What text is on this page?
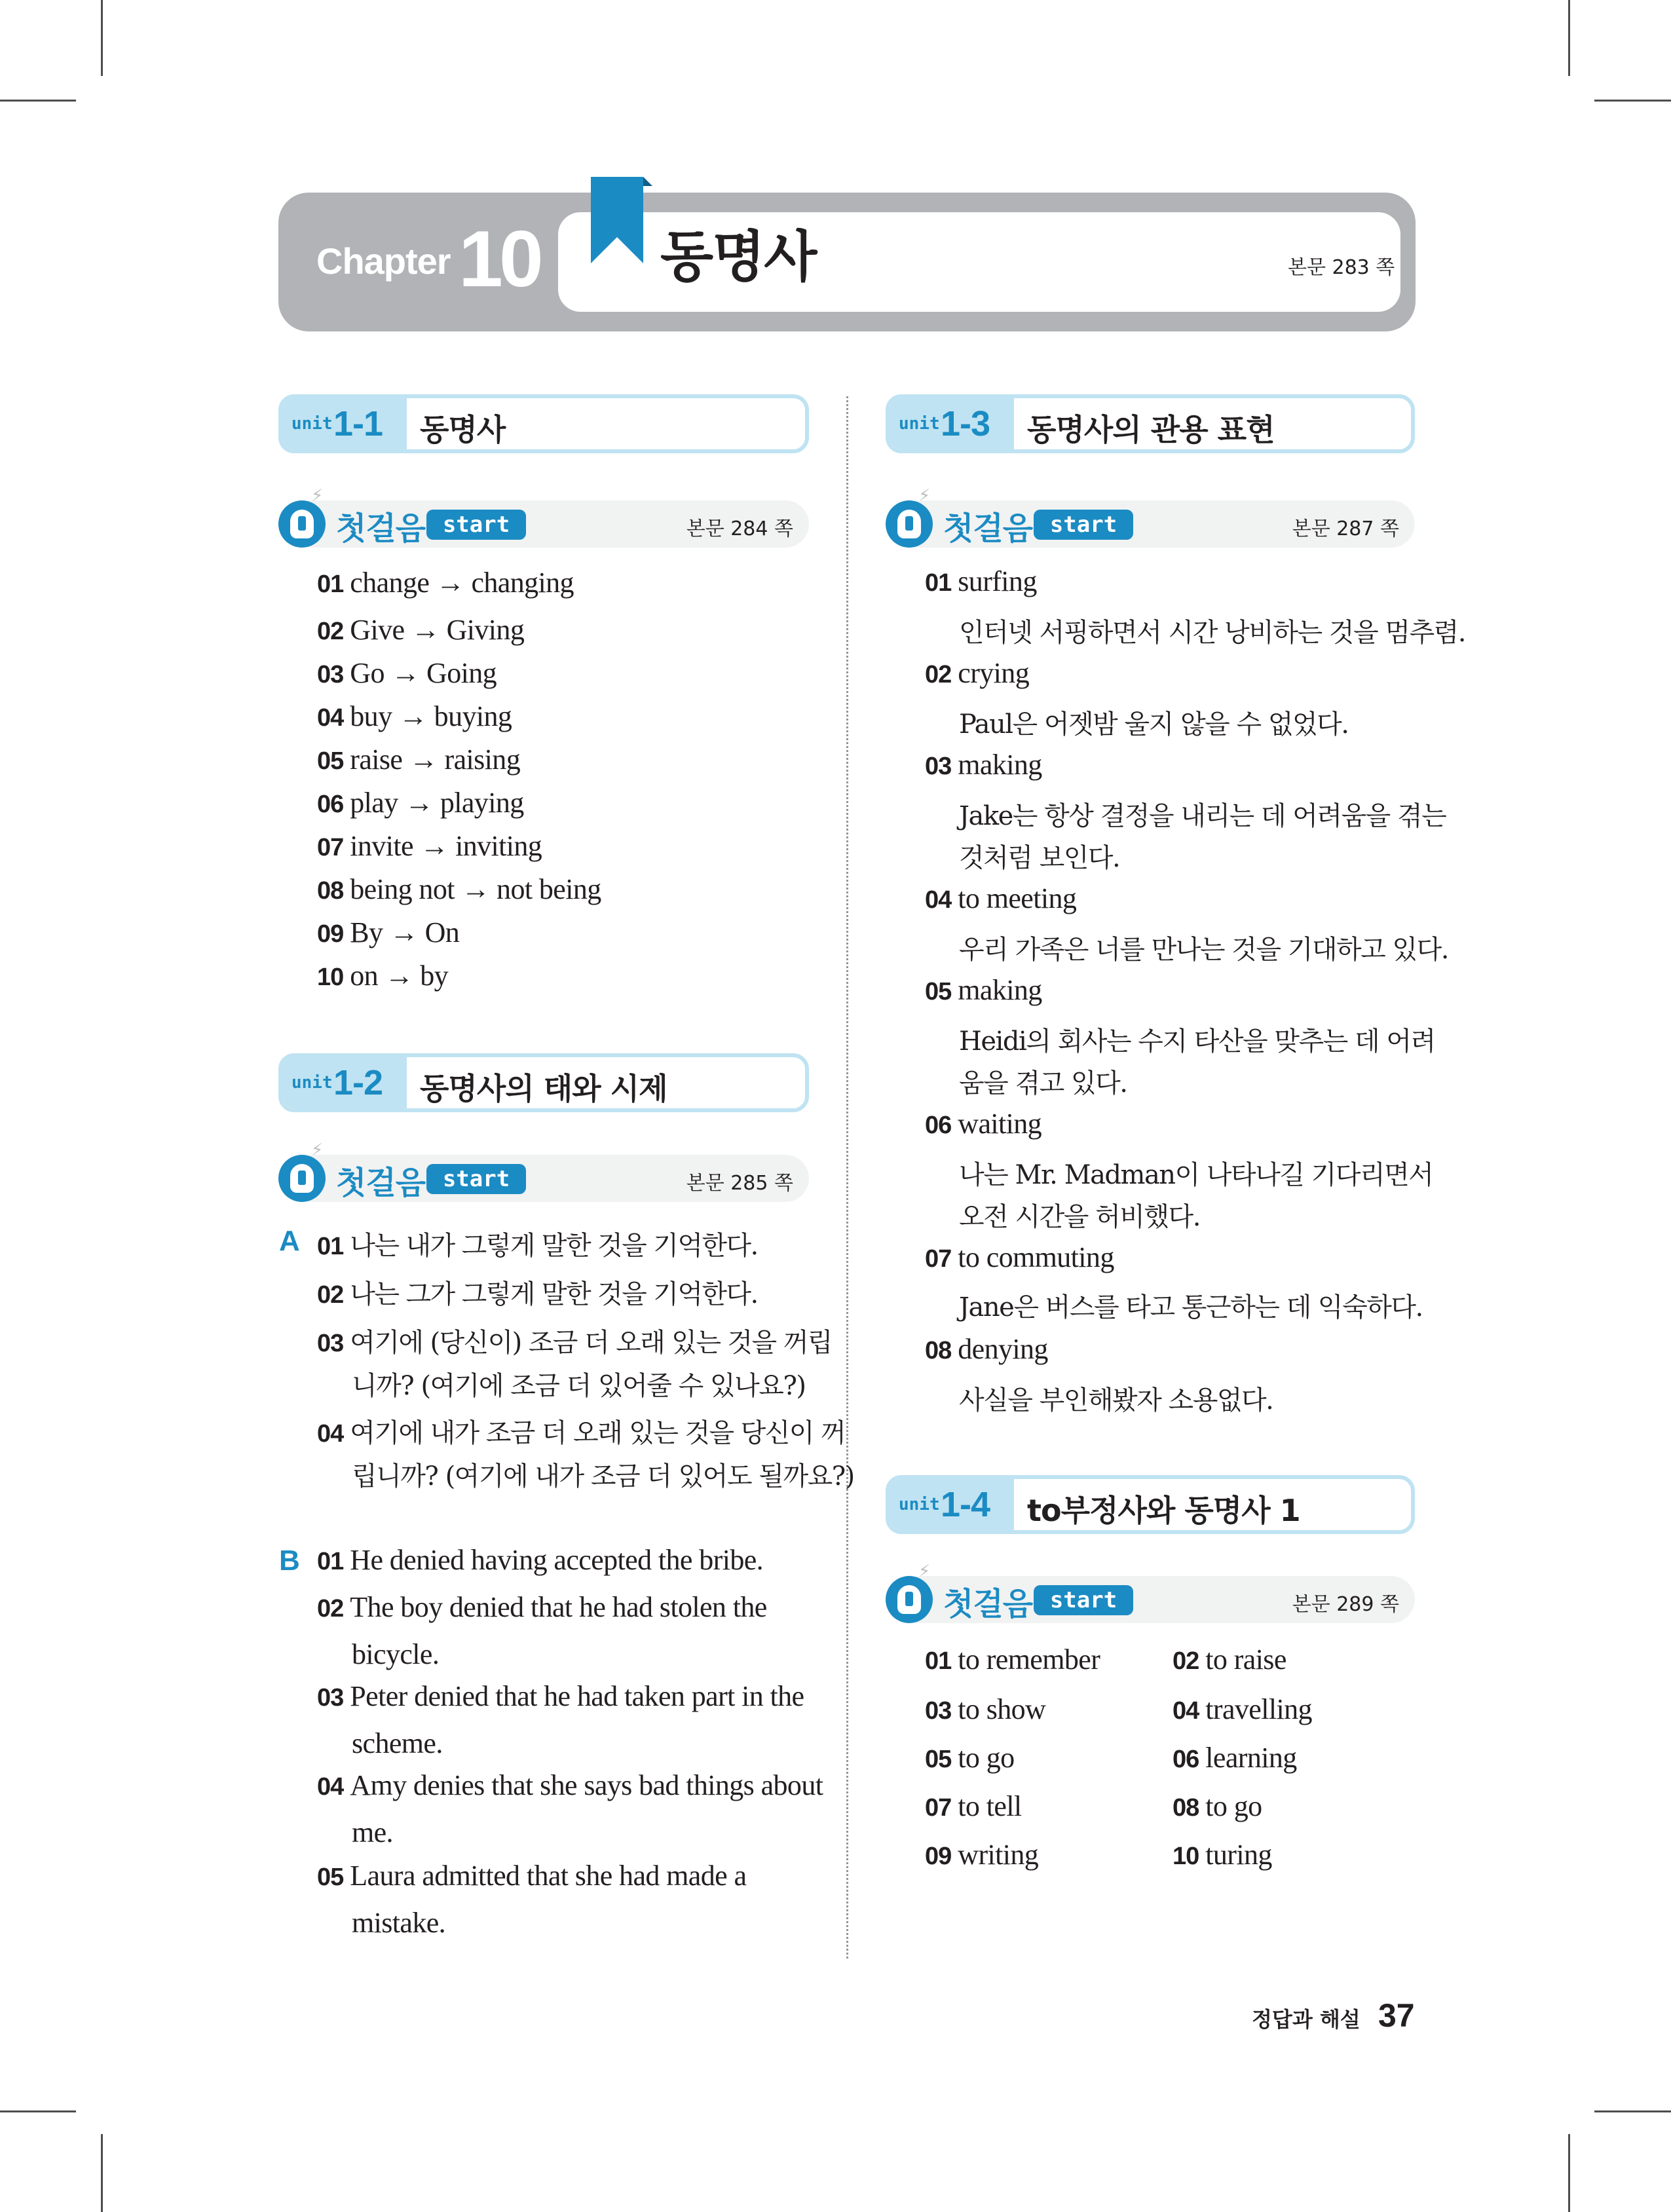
Chapter 10 동명사	본문 283 쪽
unit 1-1 동명사
⚡
첫걸음 start	본문 284 쪽
01 change → changing
02 Give → Giving
03 Go → Going
04 buy → buying
05 raise → raising
06 play → playing
07 invite → inviting
08 being not → not being
09 By → On
10 on → by
unit 1-2 동명사의 태와 시제
⚡
첫걸음 start	본문 285 쪽
A 01 나는 내가 그렇게 말한 것을 기억한다.
02 나는 그가 그렇게 말한 것을 기억한다.
03 여기에 (당신이) 조금 더 오래 있는 것을 꺼립
니까? (여기에 조금 더 있어줄 수 있나요?)
04 여기에 내가 조금 더 오래 있는 것을 당신이 꺼
립니까? (여기에 내가 조금 더 있어도 될까요?)
B 01 He denied having accepted the bribe.
02 The boy denied that he had stolen the
bicycle.
03 Peter denied that he had taken part in the
scheme.
04 Amy denies that she says bad things about
me.
05 Laura admitted that she had made a
mistake.
unit 1-3 동명사의 관용 표현
⚡
첫걸음 start	본문 287 쪽
01 surfing
인터넷 서핑하면서 시간 낭비하는 것을 멈추렴.
02 crying
Paul은 어젯밤 울지 않을 수 없었다.
03 making
Jake는 항상 결정을 내리는 데 어려움을 겪는
것처럼 보인다.
04 to meeting
우리 가족은 너를 만나는 것을 기대하고 있다.
05 making
Heidi의 회사는 수지 타산을 맞추는 데 어려
움을 겪고 있다.
06 waiting
나는 Mr. Madman이 나타나길 기다리면서
오전 시간을 허비했다.
07 to commuting
Jane은 버스를 타고 통근하는 데 익숙하다.
08 denying
사실을 부인해봤자 소용없다.
unit 1-4 to부정사와 동명사 1
⚡
첫걸음 start	본문 289 쪽
01 to remember	02 to raise
03 to show	04 travelling
05 to go	06 learning
07 to tell	08 to go
09 writing	10 turing
정답과 해설 37
